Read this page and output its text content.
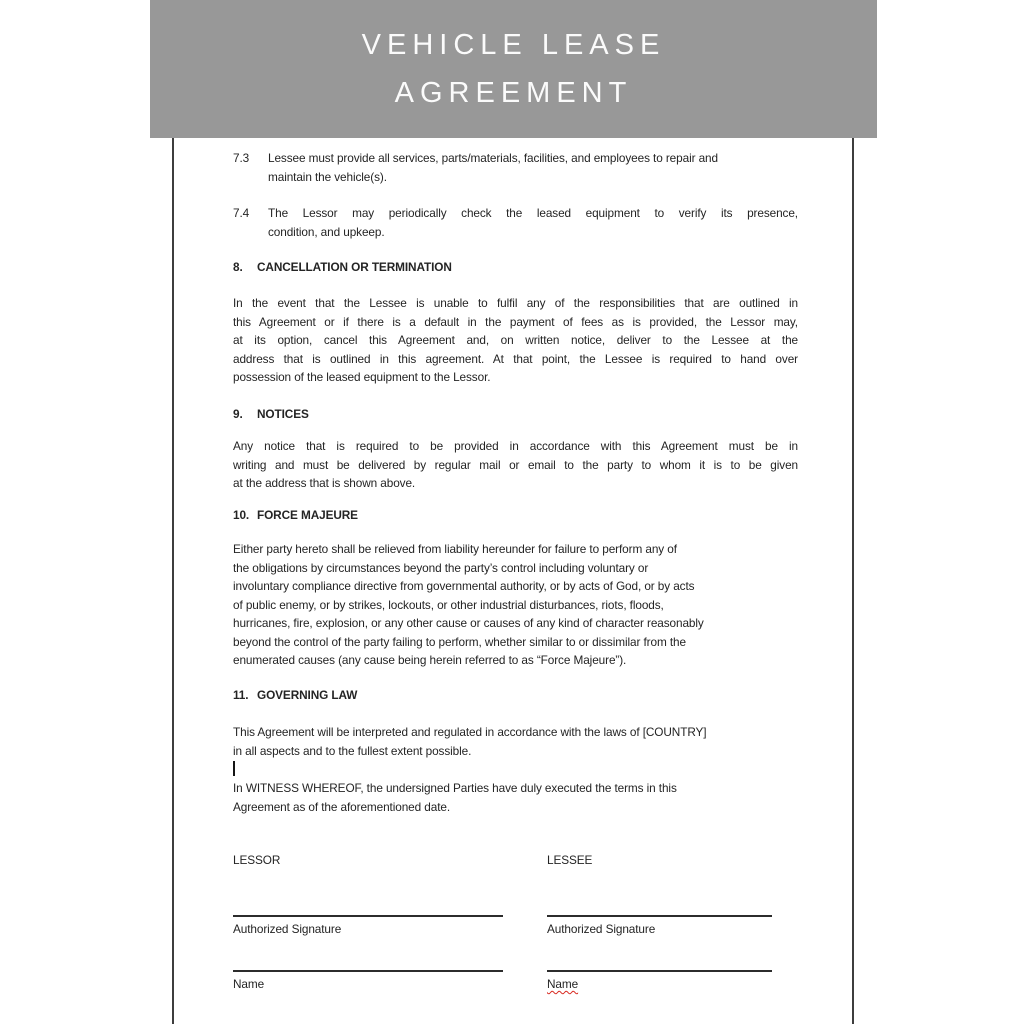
VEHICLE LEASE
AGREEMENT
7.3	Lessee must provide all services, parts/materials, facilities, and employees to repair and
maintain the vehicle(s).
7.4	The Lessor may periodically check the leased equipment to verify its presence,
condition, and upkeep.
8.	CANCELLATION OR TERMINATION
In the event that the Lessee is unable to fulfil any of the responsibilities that are outlined in
this Agreement or if there is a default in the payment of fees as is provided, the Lessor may,
at its option, cancel this Agreement and, on written notice, deliver to the Lessee at the
address that is outlined in this agreement. At that point, the Lessee is required to hand over
possession of the leased equipment to the Lessor.
9.	NOTICES
Any notice that is required to be provided in accordance with this Agreement must be in
writing and must be delivered by regular mail or email to the party to whom it is to be given
at the address that is shown above.
10. FORCE MAJEURE
Either party hereto shall be relieved from liability hereunder for failure to perform any of
the obligations by circumstances beyond the party’s control including voluntary or
involuntary compliance directive from governmental authority, or by acts of God, or by acts
of public enemy, or by strikes, lockouts, or other industrial disturbances, riots, floods,
hurricanes, fire, explosion, or any other cause or causes of any kind of character reasonably
beyond the control of the party failing to perform, whether similar to or dissimilar from the
enumerated causes (any cause being herein referred to as “Force Majeure”).
11. GOVERNING LAW
This Agreement will be interpreted and regulated in accordance with the laws of [COUNTRY]
in all aspects and to the fullest extent possible.
In WITNESS WHEREOF, the undersigned Parties have duly executed the terms in this
Agreement as of the aforementioned date.
LESSOR
Authorized Signature
Name
LESSEE
Authorized Signature
Name
